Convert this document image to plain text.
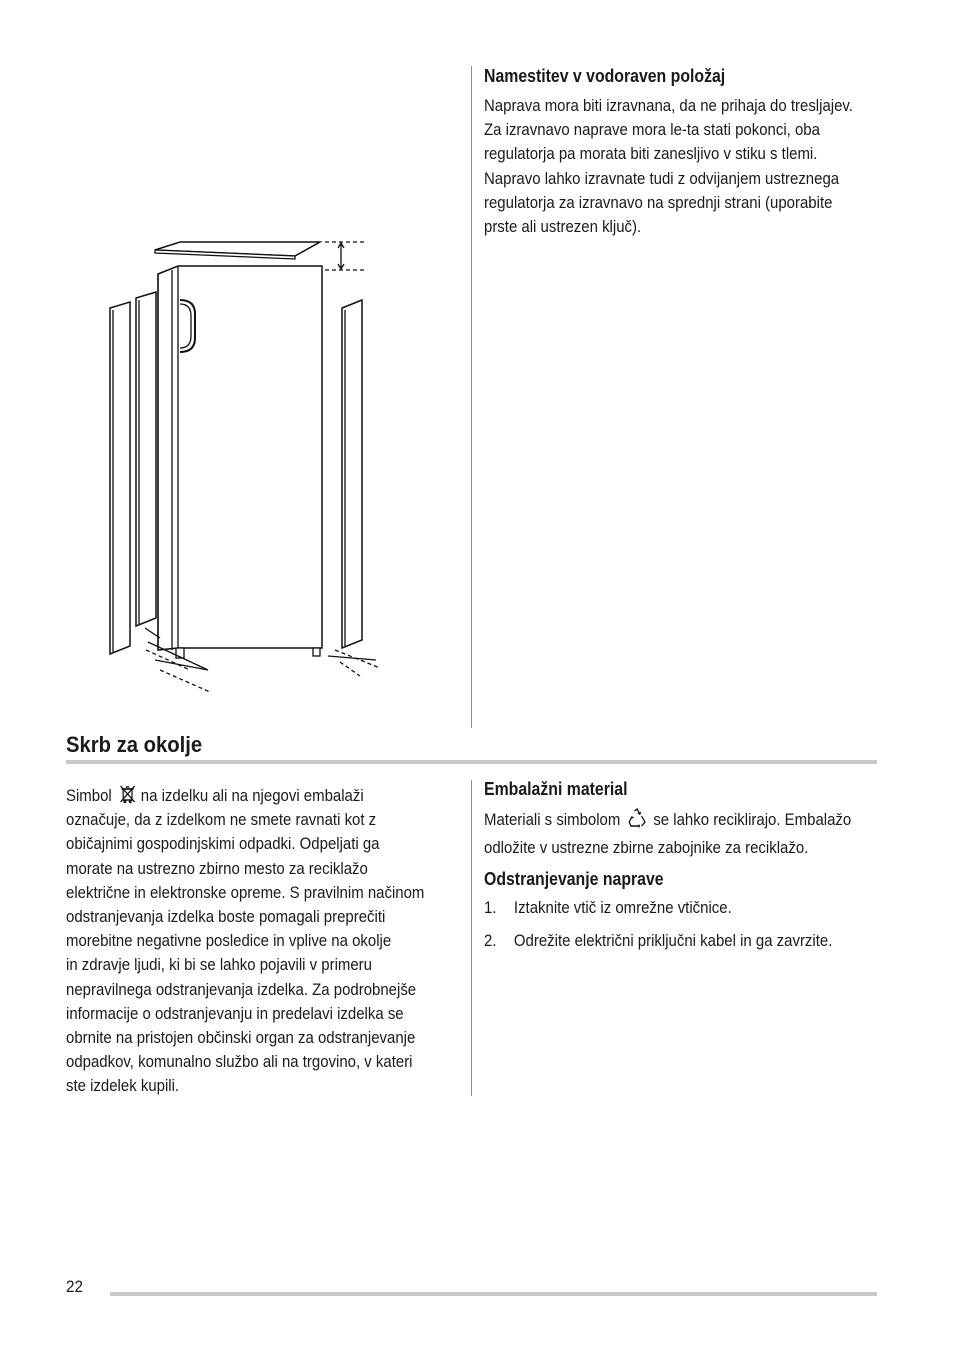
Namestitev v vodoraven položaj

Naprava mora biti izravnana, da ne prihaja do tresljajev.
Za izravnavo naprave mora le-ta stati pokonci, oba
regulatorja pa morata biti zanesljivo v stiku s tlemi.
Napravo lahko izravnate tudi z odvijanjem ustreznega
regulatorja za izravnavo na sprednji strani (uporabite
prste ali ustrezen ključ).

Skrb za okolje
Simbol	na izdelku ali na njegovi embalaži
označuje, da z izdelkom ne smete ravnati kot z
običajnimi gospodinjskimi odpadki. Odpeljati ga
morate na ustrezno zbirno mesto za reciklažo
električne in elektronske opreme. S pravilnim načinom
odstranjevanja izdelka boste pomagali preprečiti
morebitne negativne posledice in vplive na okolje
in zdravje ljudi, ki bi se lahko pojavili v primeru
nepravilnega odstranjevanja izdelka. Za podrobnejše
informacije o odstranjevanju in predelavi izdelka se
obrnite na pristojen občinski organ za odstranjevanje
odpadkov, komunalno službo ali na trgovino, v kateri
ste izdelek kupili.

Embalažni material
Materiali s simbolom se lahko reciklirajo. Embalažo
odložite v ustrezne zbirne zabojnike za reciklažo.
Odstranjevanje naprave
1. Iztaknite vtič iz omrežne vtičnice.
2. Odrežite električni priključni kabel in ga zavrzite.
22
